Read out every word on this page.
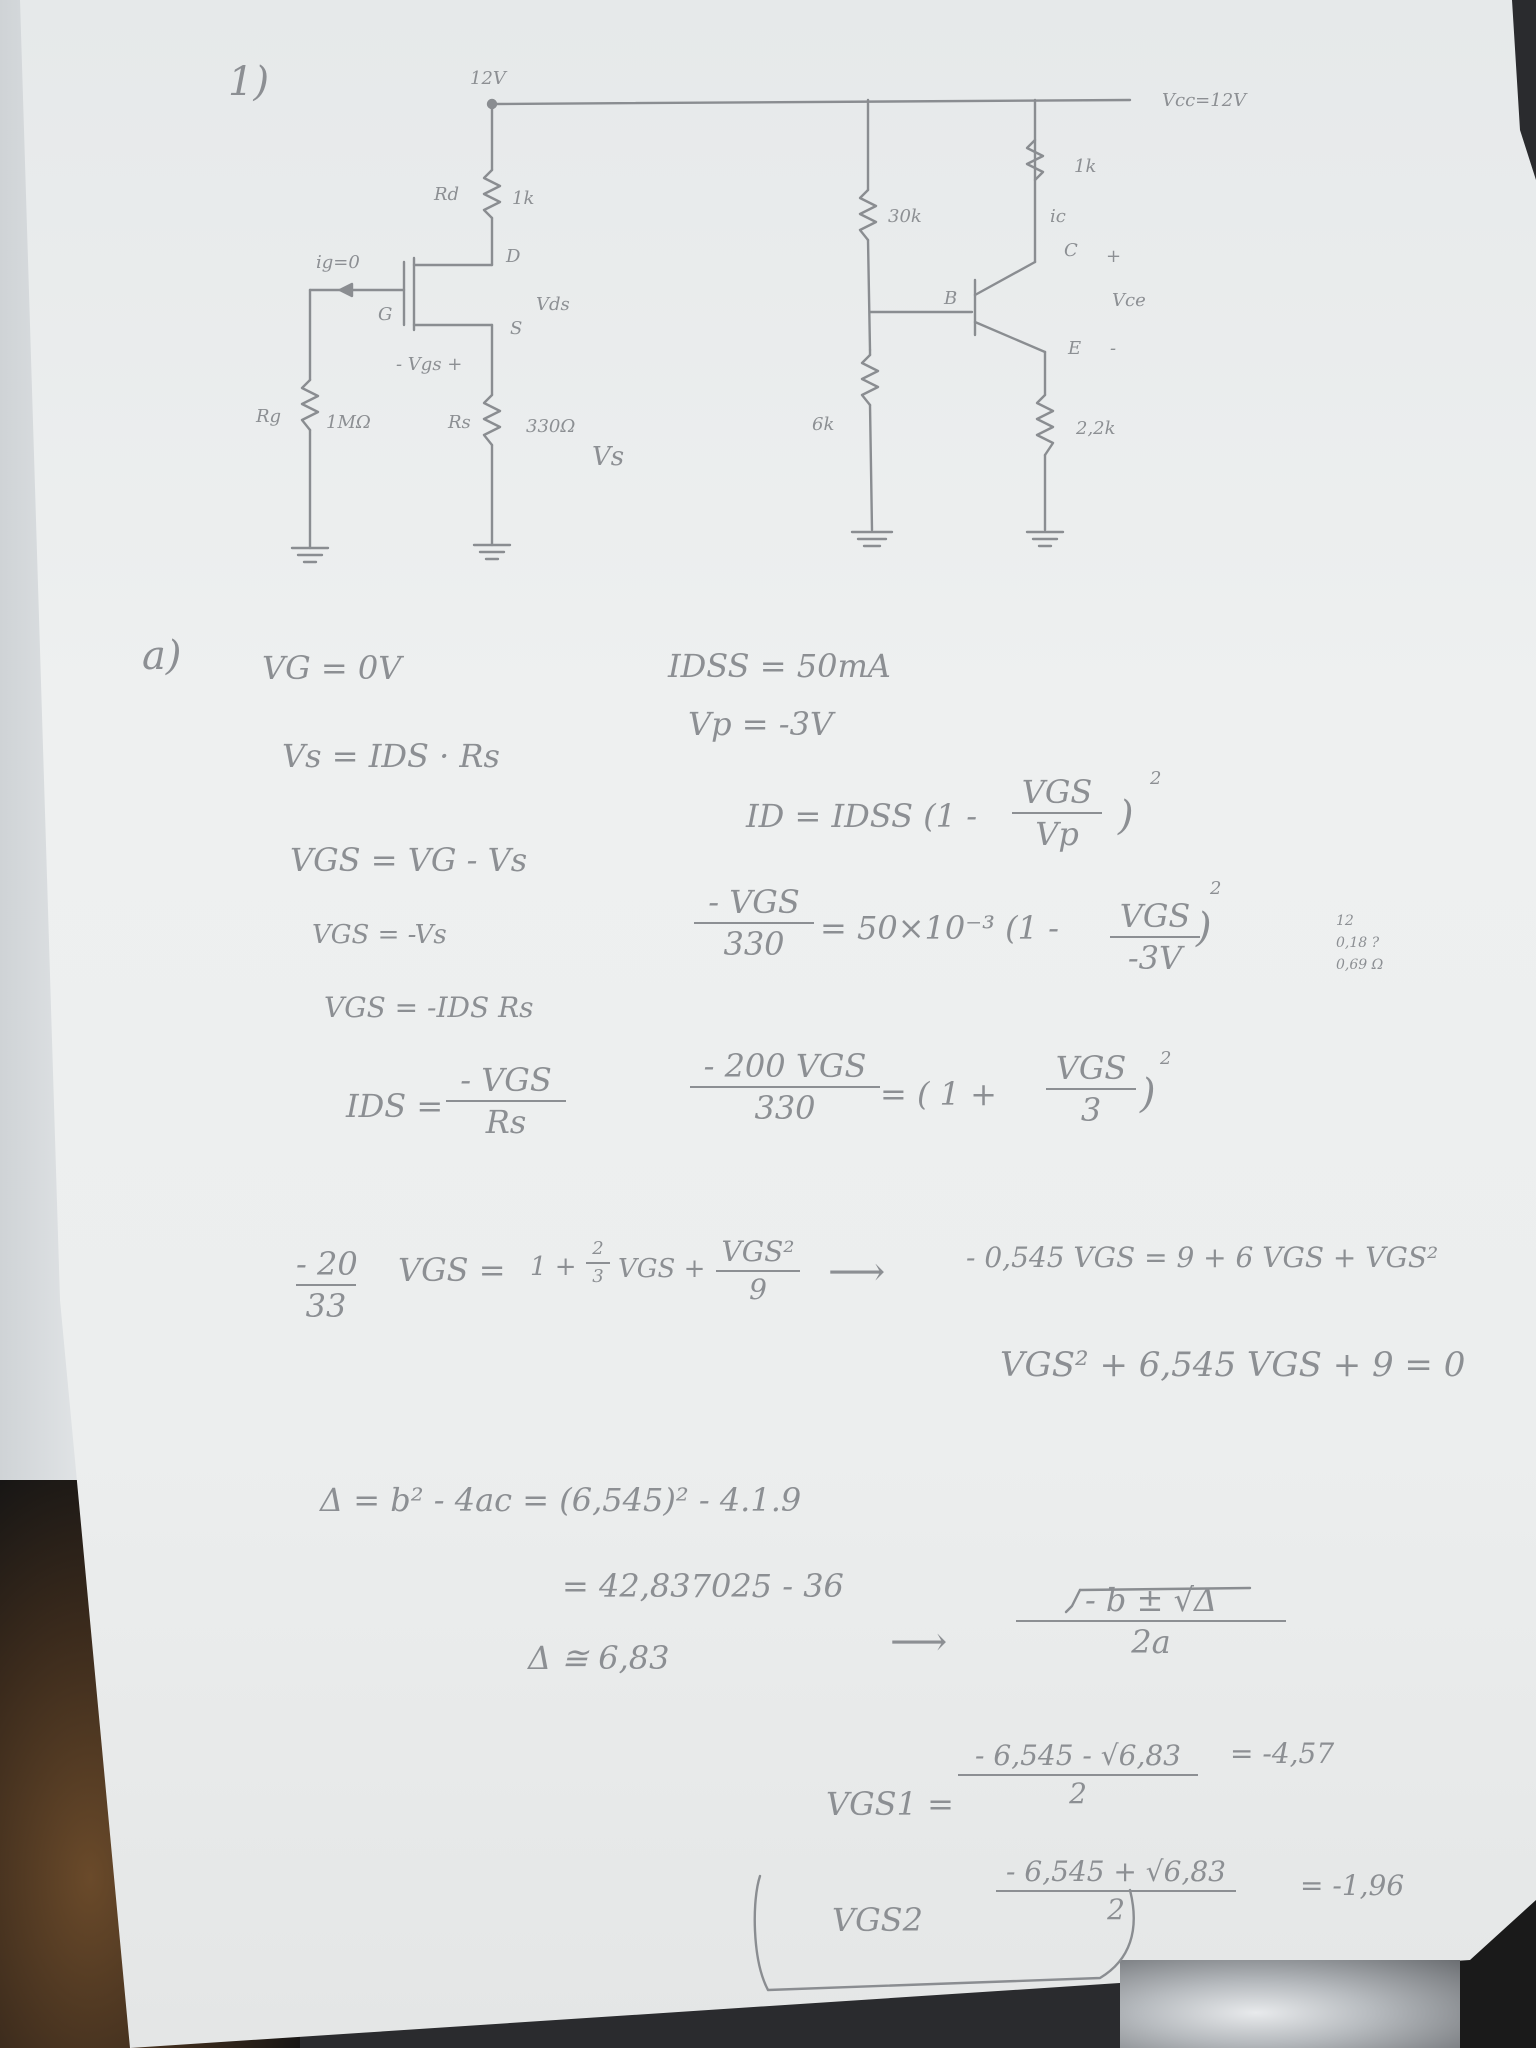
1)
a)
12V
Rd	1k
ig=0	D
G	Vds
S
- Vgs +
Rg 1MΩ	Rs	330Ω
Vs
Vcc=12V
30k
1k
ic
C +
Vce
B
E -
6k	2,2k
IDSS = 50mA
Vp = -3V
VG = 0V
Vs = IDS · Rs
VGS = VG - Vs
VGS = -Vs
VGS = -IDS Rs
IDS =
- VGS
Rs
ID = IDSS (1 -
VGS
Vp )
2
- VGS
330	= 50×10⁻³ (1 -	VGS
-3V
)
2
- 200 VGS
330	= ( 1 +
VGS
3 )
2
- 20
33
VGS = 1 +
2
3 VGS +
VGS²
9	⟶	- 0,545 VGS = 9 + 6 VGS + VGS²
VGS² + 6,545 VGS + 9 = 0
Δ = b² - 4ac = (6,545)² - 4.1.9
= 42,837025 - 36
Δ ≅ 6,83	⟶
- b ± √Δ
2a
VGS1 =
- 6,545 - √6,83
2
= -4,57
VGS2
- 6,545 + √6,83
2
= -1,96
12
0,18 ?
0,69 Ω
